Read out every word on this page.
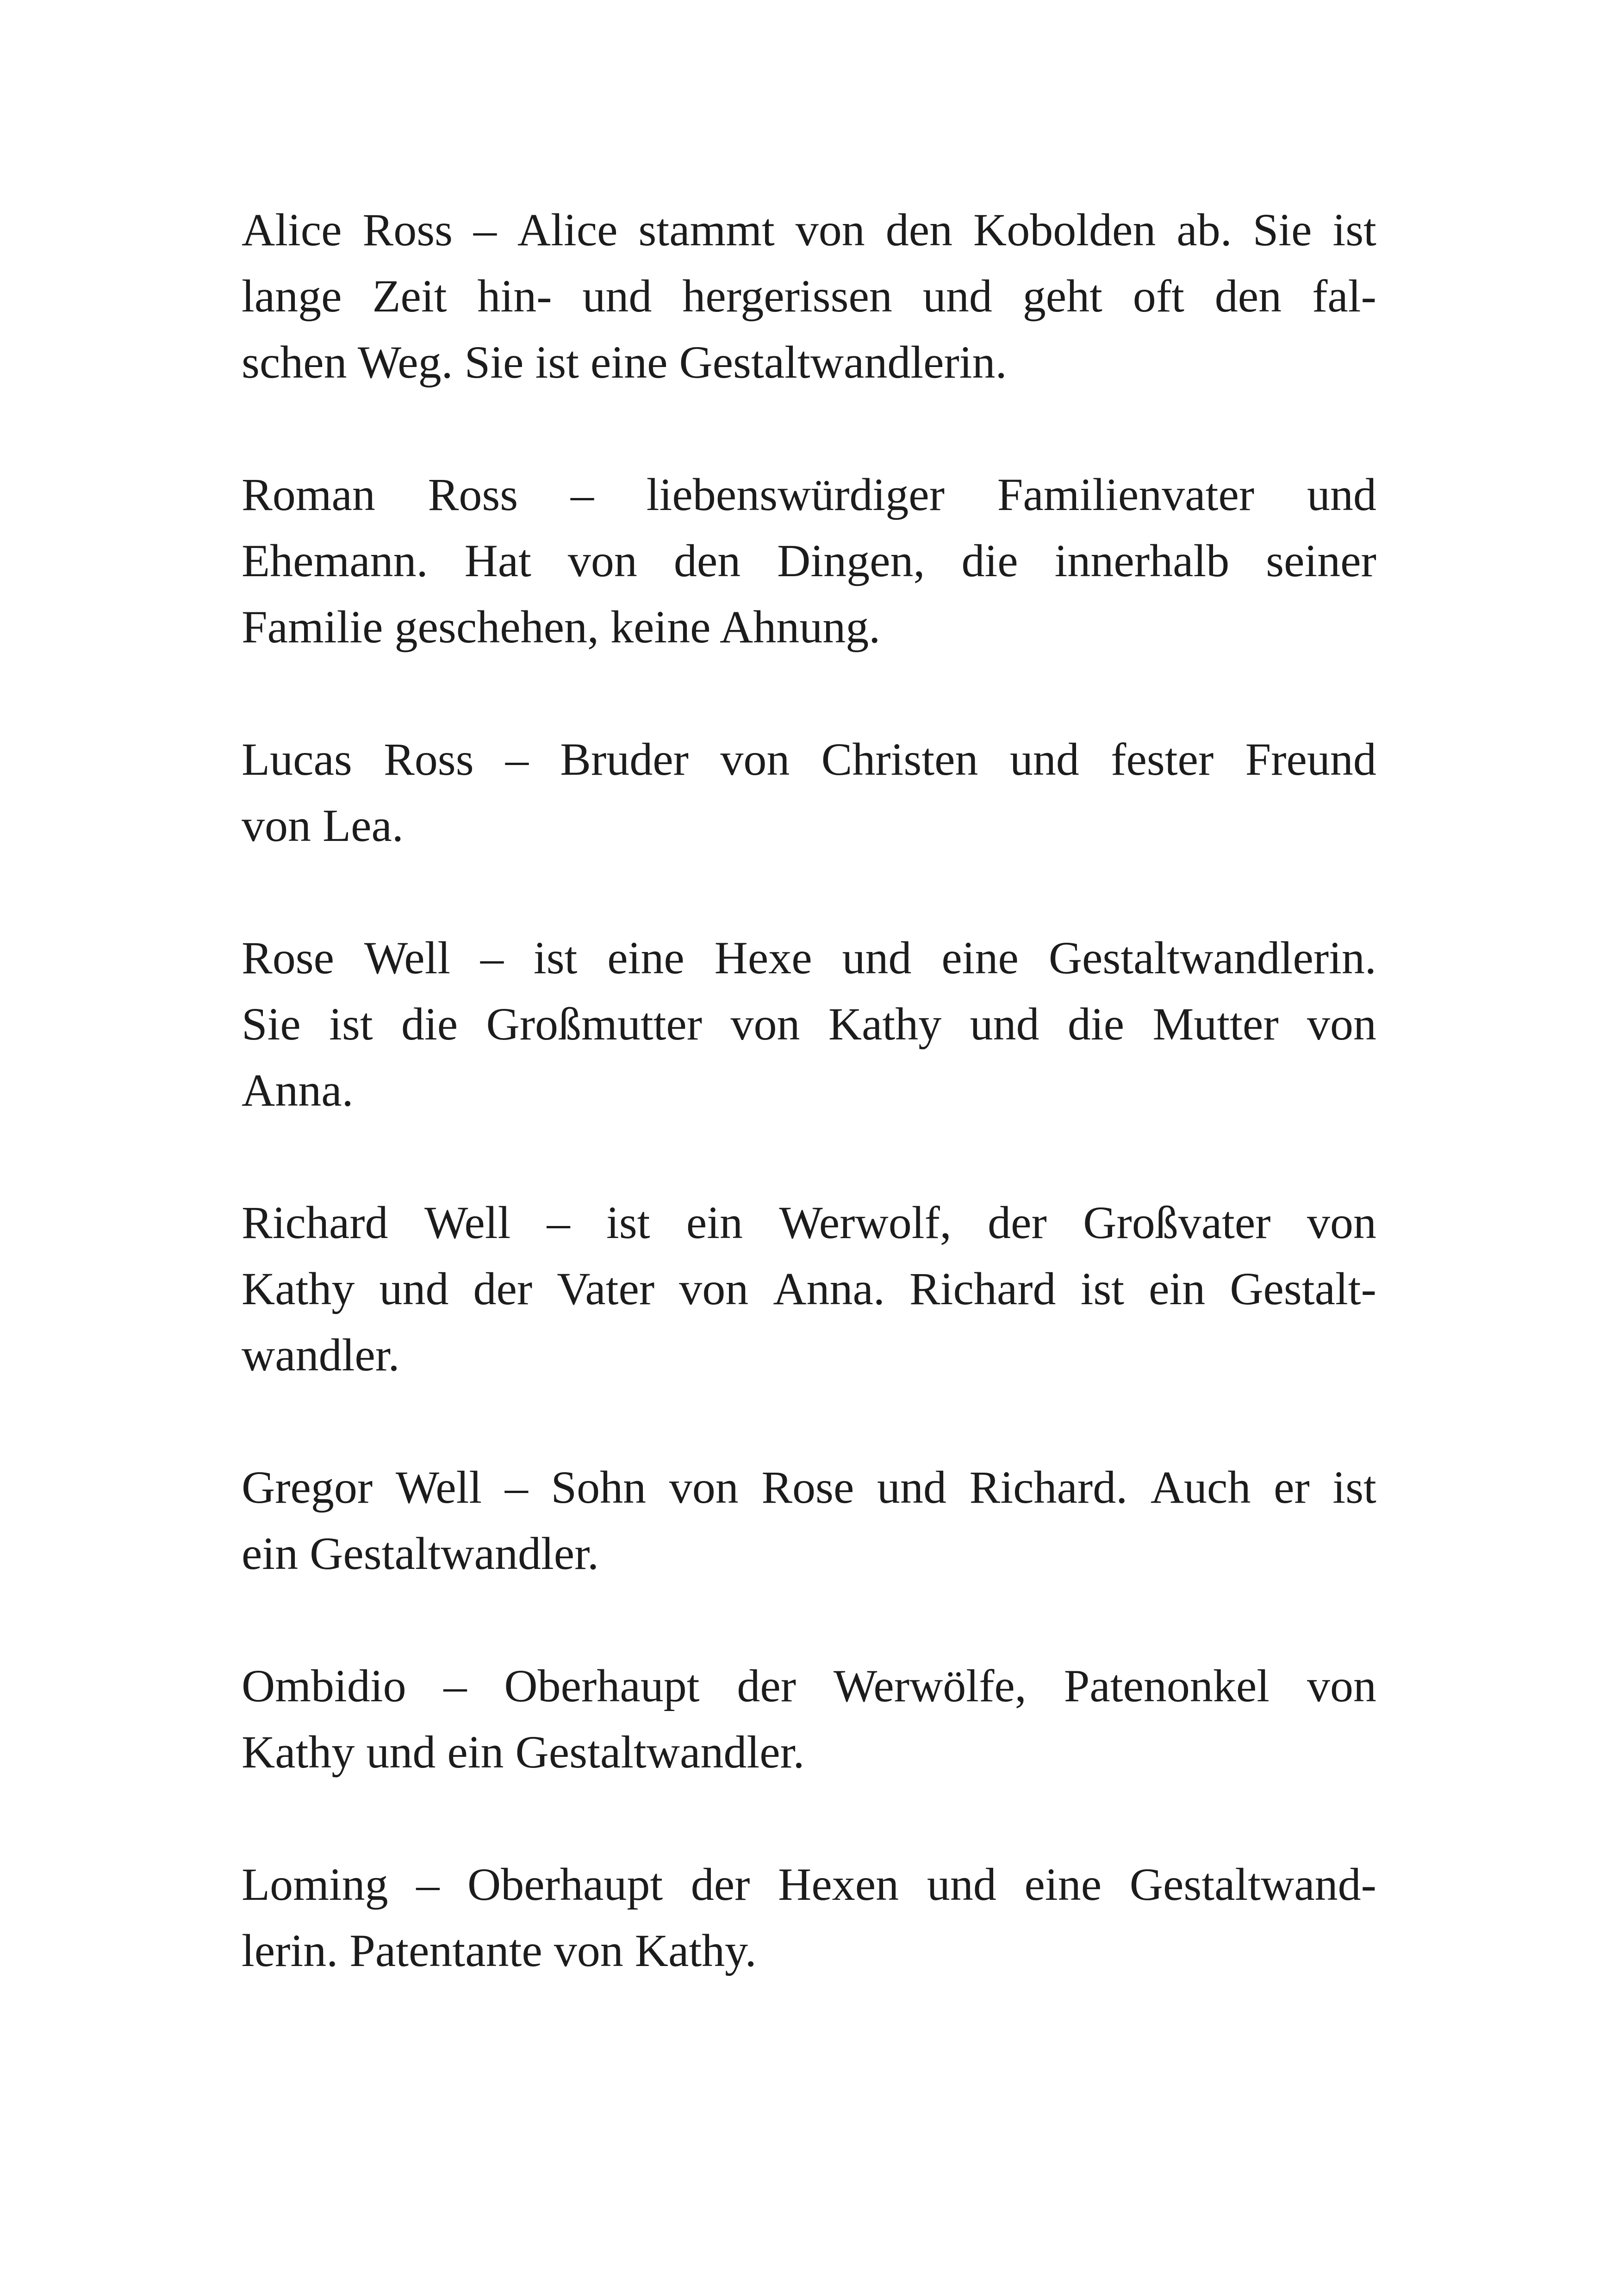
Alice Ross – Alice stammt von den Kobolden ab. Sie ist
lange Zeit hin- und hergerissen und geht oft den fal-
schen Weg. Sie ist eine Gestaltwandlerin.

Roman Ross – liebenswürdiger Familienvater und
Ehemann. Hat von den Dingen, die innerhalb seiner
Familie geschehen, keine Ahnung.

Lucas Ross – Bruder von Christen und fester Freund
von Lea.

Rose Well – ist eine Hexe und eine Gestaltwandlerin.
Sie ist die Großmutter von Kathy und die Mutter von
Anna.

Richard Well – ist ein Werwolf, der Großvater von
Kathy und der Vater von Anna. Richard ist ein Gestalt-
wandler.

Gregor Well – Sohn von Rose und Richard. Auch er ist
ein Gestaltwandler.

Ombidio – Oberhaupt der Werwölfe, Patenonkel von
Kathy und ein Gestaltwandler.

Loming – Oberhaupt der Hexen und eine Gestaltwand-
lerin. Patentante von Kathy.
